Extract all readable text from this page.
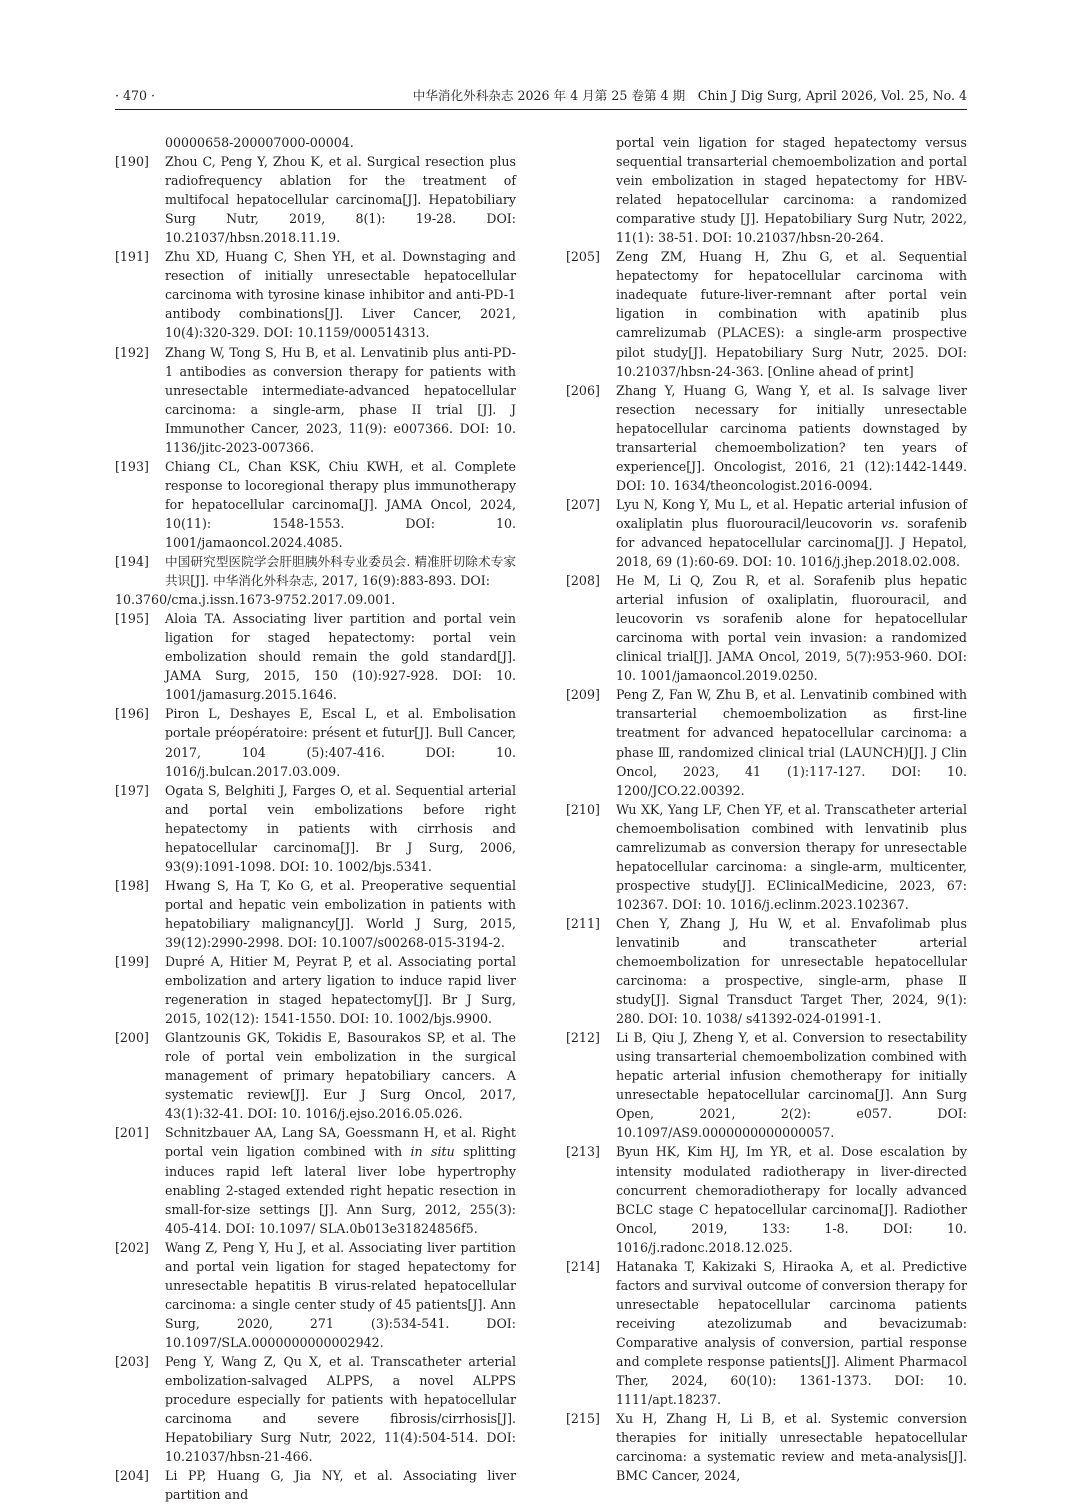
· 470 ·	中华消化外科杂志 2026 年 4 月第 25 卷第 4 期　Chin J Dig Surg, April 2026, Vol. 25, No. 4
00000658-200007000-00004.
[190]	Zhou C, Peng Y, Zhou K, et al. Surgical resection plus radiofrequency ablation for the treatment of multifocal hepatocellular carcinoma[J]. Hepatobiliary Surg Nutr, 2019, 8(1): 19-28. DOI: 10.21037/hbsn.2018.11.19.
[191]	Zhu XD, Huang C, Shen YH, et al. Downstaging and resection of initially unresectable hepatocellular carcinoma with tyrosine kinase inhibitor and anti-PD-1 antibody combinations[J]. Liver Cancer, 2021, 10(4):320-329. DOI: 10.1159/000514313.
[192]	Zhang W, Tong S, Hu B, et al. Lenvatinib plus anti-PD-1 antibodies as conversion therapy for patients with unresectable intermediate-advanced hepatocellular carcinoma: a single-arm, phase II trial [J]. J Immunother Cancer, 2023, 11(9): e007366. DOI: 10. 1136/jitc-2023-007366.
[193]	Chiang CL, Chan KSK, Chiu KWH, et al. Complete response to locoregional therapy plus immunotherapy for hepatocellular carcinoma[J]. JAMA Oncol, 2024, 10(11): 1548-1553. DOI: 10. 1001/jamaoncol.2024.4085.
[194]	中国研究型医院学会肝胆胰外科专业委员会. 精准肝切除术专家共识[J]. 中华消化外科杂志, 2017, 16(9):883-893. DOI:
10.3760/cma.j.issn.1673-9752.2017.09.001.
[195]	Aloia TA. Associating liver partition and portal vein ligation for staged hepatectomy: portal vein embolization should remain the gold standard[J]. JAMA Surg, 2015, 150 (10):927-928. DOI: 10. 1001/jamasurg.2015.1646.
[196]	Piron L, Deshayes E, Escal L, et al. Embolisation portale préopératoire: présent et futur[J]. Bull Cancer, 2017, 104 (5):407-416. DOI: 10. 1016/j.bulcan.2017.03.009.
[197]	Ogata S, Belghiti J, Farges O, et al. Sequential arterial and portal vein embolizations before right hepatectomy in patients with cirrhosis and hepatocellular carcinoma[J]. Br J Surg, 2006, 93(9):1091-1098. DOI: 10. 1002/bjs.5341.
[198]	Hwang S, Ha T, Ko G, et al. Preoperative sequential portal and hepatic vein embolization in patients with hepatobiliary malignancy[J]. World J Surg, 2015, 39(12):2990-2998. DOI: 10.1007/s00268-015-3194-2.
[199]	Dupré A, Hitier M, Peyrat P, et al. Associating portal embolization and artery ligation to induce rapid liver regeneration in staged hepatectomy[J]. Br J Surg, 2015, 102(12): 1541-1550. DOI: 10. 1002/bjs.9900.
[200]	Glantzounis GK, Tokidis E, Basourakos SP, et al. The role of portal vein embolization in the surgical management of primary hepatobiliary cancers. A systematic review[J]. Eur J Surg Oncol, 2017, 43(1):32-41. DOI: 10. 1016/j.ejso.2016.05.026.
[201]	Schnitzbauer AA, Lang SA, Goessmann H, et al. Right portal vein ligation combined with in situ splitting induces rapid left lateral liver lobe hypertrophy enabling 2-staged extended right hepatic resection in small-for-size settings [J]. Ann Surg, 2012, 255(3): 405-414. DOI: 10.1097/ SLA.0b013e31824856f5.
[202]	Wang Z, Peng Y, Hu J, et al. Associating liver partition and portal vein ligation for staged hepatectomy for unresectable hepatitis B virus-related hepatocellular carcinoma: a single center study of 45 patients[J]. Ann Surg, 2020, 271 (3):534-541. DOI: 10.1097/SLA.0000000000002942.
[203]	Peng Y, Wang Z, Qu X, et al. Transcatheter arterial embolization-salvaged ALPPS, a novel ALPPS procedure especially for patients with hepatocellular carcinoma and severe fibrosis/cirrhosis[J]. Hepatobiliary Surg Nutr, 2022, 11(4):504-514. DOI: 10.21037/hbsn-21-466.
[204]	Li PP, Huang G, Jia NY, et al. Associating liver partition and
portal vein ligation for staged hepatectomy versus sequential transarterial chemoembolization and portal vein embolization in staged hepatectomy for HBV-related hepatocellular carcinoma: a randomized comparative study [J]. Hepatobiliary Surg Nutr, 2022, 11(1): 38-51. DOI: 10.21037/hbsn-20-264.
[205]	Zeng ZM, Huang H, Zhu G, et al. Sequential hepatectomy for hepatocellular carcinoma with inadequate future-liver-remnant after portal vein ligation in combination with apatinib plus camrelizumab (PLACES): a single-arm prospective pilot study[J]. Hepatobiliary Surg Nutr, 2025. DOI: 10.21037/hbsn-24-363. [Online ahead of print]
[206]	Zhang Y, Huang G, Wang Y, et al. Is salvage liver resection necessary for initially unresectable hepatocellular carcinoma patients downstaged by transarterial chemoembolization? ten years of experience[J]. Oncologist, 2016, 21 (12):1442-1449. DOI: 10. 1634/theoncologist.2016-0094.
[207]	Lyu N, Kong Y, Mu L, et al. Hepatic arterial infusion of oxaliplatin plus fluorouracil/leucovorin vs. sorafenib for advanced hepatocellular carcinoma[J]. J Hepatol, 2018, 69 (1):60-69. DOI: 10. 1016/j.jhep.2018.02.008.
[208]	He M, Li Q, Zou R, et al. Sorafenib plus hepatic arterial infusion of oxaliplatin, fluorouracil, and leucovorin vs sorafenib alone for hepatocellular carcinoma with portal vein invasion: a randomized clinical trial[J]. JAMA Oncol, 2019, 5(7):953-960. DOI: 10. 1001/jamaoncol.2019.0250.
[209]	Peng Z, Fan W, Zhu B, et al. Lenvatinib combined with transarterial chemoembolization as first-line treatment for advanced hepatocellular carcinoma: a phase Ⅲ, randomized clinical trial (LAUNCH)[J]. J Clin Oncol, 2023, 41 (1):117-127. DOI: 10. 1200/JCO.22.00392.
[210]	Wu XK, Yang LF, Chen YF, et al. Transcatheter arterial chemoembolisation combined with lenvatinib plus camrelizumab as conversion therapy for unresectable hepatocellular carcinoma: a single-arm, multicenter, prospective study[J]. EClinicalMedicine, 2023, 67: 102367. DOI: 10. 1016/j.eclinm.2023.102367.
[211]	Chen Y, Zhang J, Hu W, et al. Envafolimab plus lenvatinib and transcatheter arterial chemoembolization for unresectable hepatocellular carcinoma: a prospective, single-arm, phase Ⅱ study[J]. Signal Transduct Target Ther, 2024, 9(1): 280. DOI: 10. 1038/ s41392-024-01991-1.
[212]	Li B, Qiu J, Zheng Y, et al. Conversion to resectability using transarterial chemoembolization combined with hepatic arterial infusion chemotherapy for initially unresectable hepatocellular carcinoma[J]. Ann Surg Open, 2021, 2(2): e057. DOI: 10.1097/AS9.0000000000000057.
[213]	Byun HK, Kim HJ, Im YR, et al. Dose escalation by intensity modulated radiotherapy in liver-directed concurrent chemoradiotherapy for locally advanced BCLC stage C hepatocellular carcinoma[J]. Radiother Oncol, 2019, 133: 1-8. DOI: 10. 1016/j.radonc.2018.12.025.
[214]	Hatanaka T, Kakizaki S, Hiraoka A, et al. Predictive factors and survival outcome of conversion therapy for unresectable hepatocellular carcinoma patients receiving atezolizumab and bevacizumab: Comparative analysis of conversion, partial response and complete response patients[J]. Aliment Pharmacol Ther, 2024, 60(10): 1361-1373. DOI: 10. 1111/apt.18237.
[215]	Xu H, Zhang H, Li B, et al. Systemic conversion therapies for initially unresectable hepatocellular carcinoma: a systematic review and meta-analysis[J]. BMC Cancer, 2024,
